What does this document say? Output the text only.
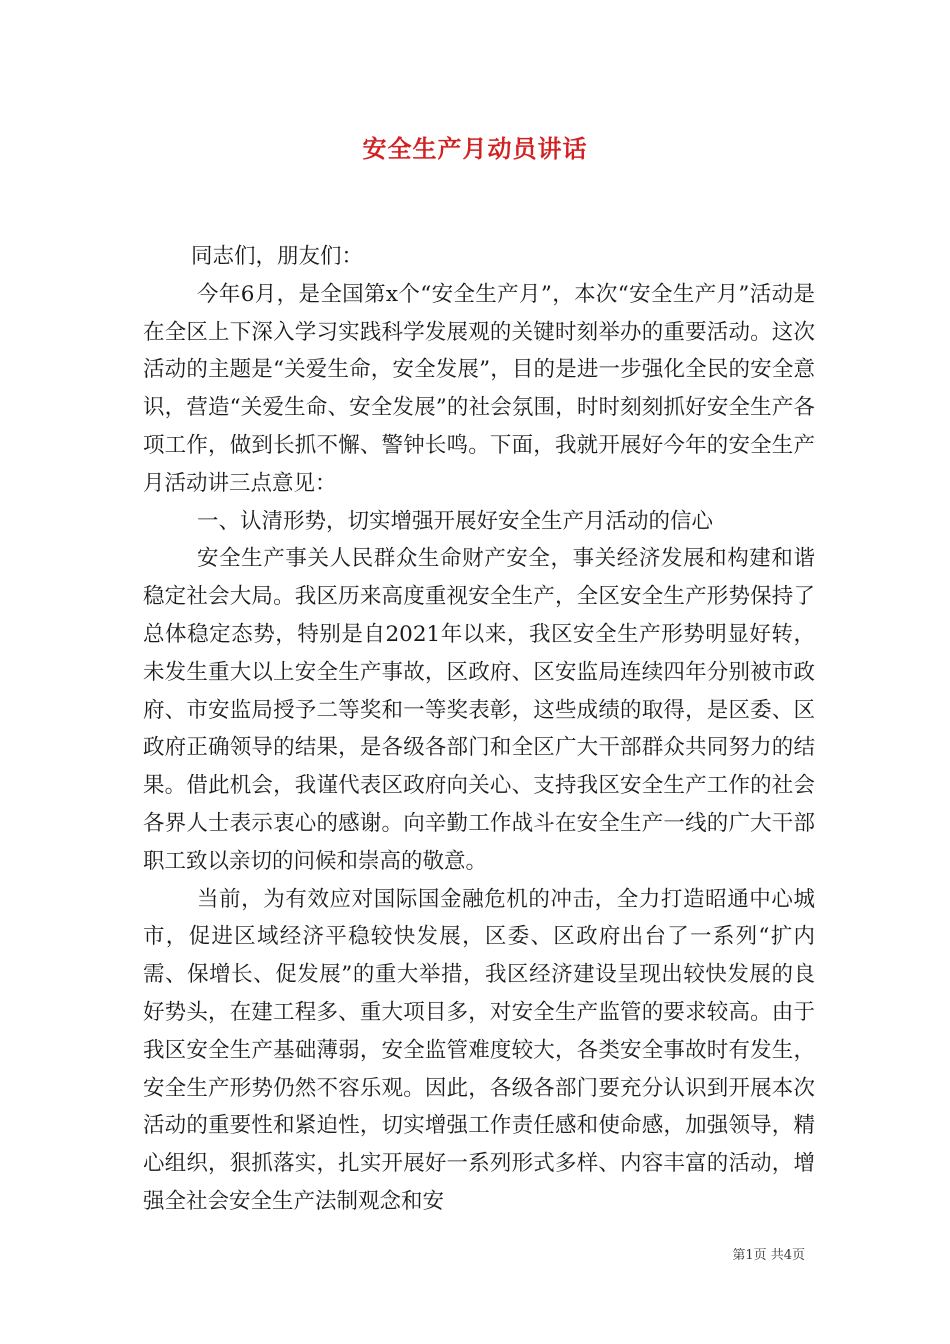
安全生产月动员讲话

同志们，朋友们：

今年6月，是全国第x个“安全生产月”，本次“安全生产月”活动是在全区上下深入学习实践科学发展观的关键时刻举办的重要活动。这次活动的主题是“关爱生命，安全发展”，目的是进一步强化全民的安全意识，营造“关爱生命、安全发展”的社会氛围，时时刻刻抓好安全生产各项工作，做到长抓不懈、警钟长鸣。下面，我就开展好今年的安全生产月活动讲三点意见：

一、认清形势，切实增强开展好安全生产月活动的信心

安全生产事关人民群众生命财产安全，事关经济发展和构建和谐稳定社会大局。我区历来高度重视安全生产，全区安全生产形势保持了总体稳定态势，特别是自2021年以来，我区安全生产形势明显好转，未发生重大以上安全生产事故，区政府、区安监局连续四年分别被市政府、市安监局授予二等奖和一等奖表彰，这些成绩的取得，是区委、区政府正确领导的结果，是各级各部门和全区广大干部群众共同努力的结果。借此机会，我谨代表区政府向关心、支持我区安全生产工作的社会各界人士表示衷心的感谢。向辛勤工作战斗在安全生产一线的广大干部职工致以亲切的问候和崇高的敬意。

当前，为有效应对国际国金融危机的冲击，全力打造昭通中心城市，促进区域经济平稳较快发展，区委、区政府出台了一系列“扩内需、保增长、促发展”的重大举措，我区经济建设呈现出较快发展的良好势头，在建工程多、重大项目多，对安全生产监管的要求较高。由于我区安全生产基础薄弱，安全监管难度较大，各类安全事故时有发生，安全生产形势仍然不容乐观。因此，各级各部门要充分认识到开展本次活动的重要性和紧迫性，切实增强工作责任感和使命感，加强领导，精心组织，狠抓落实，扎实开展好一系列形式多样、内容丰富的活动，增强全社会安全生产法制观念和安

第1页 共4页
